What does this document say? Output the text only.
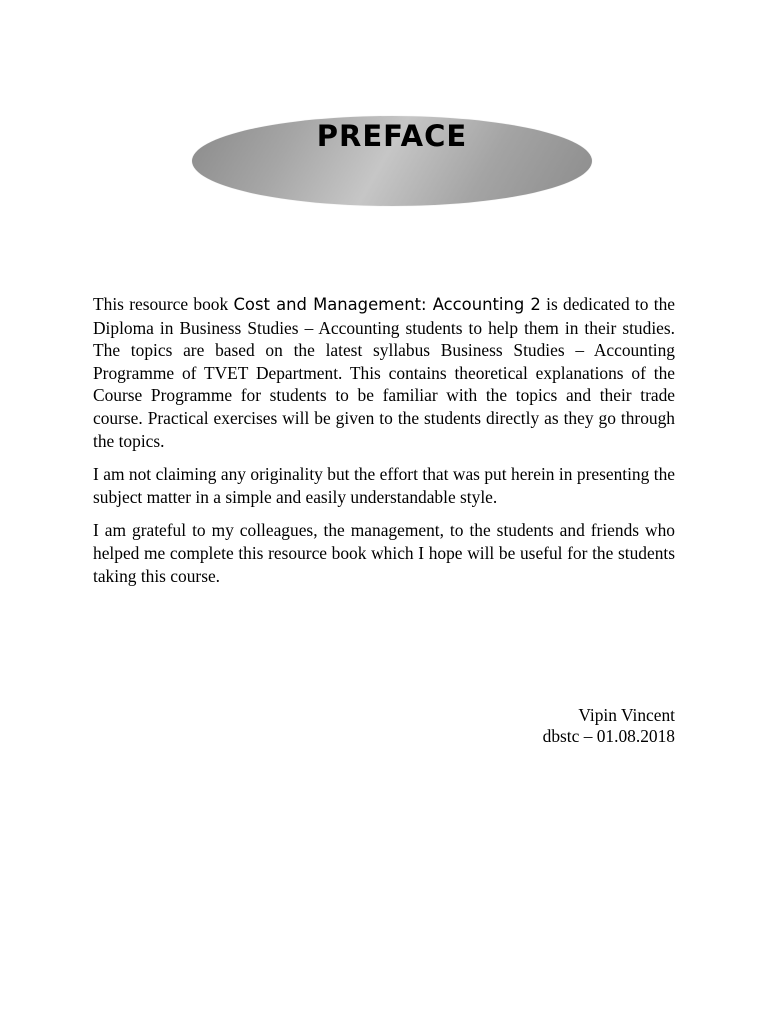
PREFACE

This resource book Cost and Management: Accounting 2 is dedicated to the Diploma in Business Studies – Accounting students to help them in their studies. The topics are based on the latest syllabus Business Studies – Accounting Programme of TVET Department. This contains theoretical explanations of the Course Programme for students to be familiar with the topics and their trade course. Practical exercises will be given to the students directly as they go through the topics.

I am not claiming any originality but the effort that was put herein in presenting the subject matter in a simple and easily understandable style.

I am grateful to my colleagues, the management, to the students and friends who helped me complete this resource book which I hope will be useful for the students taking this course.

Vipin Vincent
dbstc – 01.08.2018
